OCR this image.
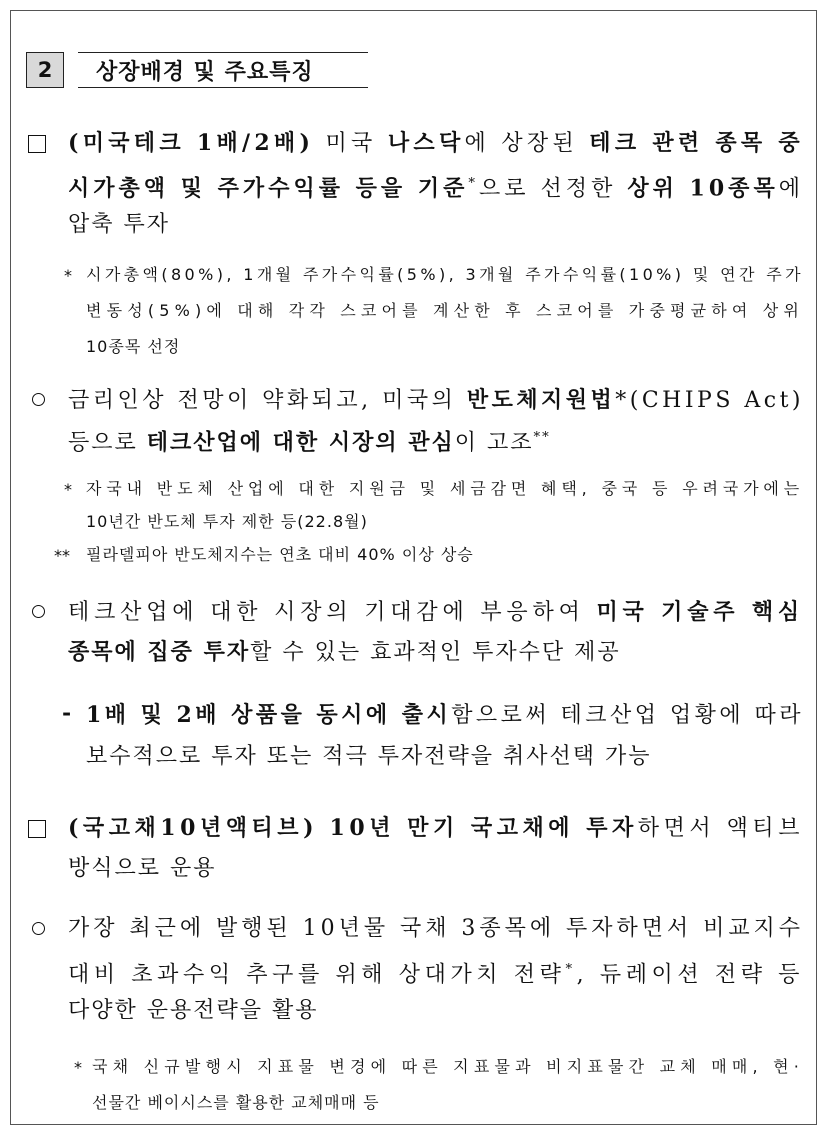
2	상장배경 및 주요특징
(미국테크 1배/2배) 미국 나스닥에 상장된 테크 관련 종목 중
시가총액 및 주가수익률 등을 기준*으로 선정한 상위 10종목에
압축 투자
* 시가총액(80%), 1개월 주가수익률(5%), 3개월 주가수익률(10%) 및 연간 주가
변동성(5%)에 대해 각각 스코어를 계산한 후 스코어를 가중평균하여 상위
10종목 선정
금리인상 전망이 약화되고, 미국의 반도체지원법*(CHIPS Act)
등으로 테크산업에 대한 시장의 관심이 고조**
* 자국내 반도체 산업에 대한 지원금 및 세금감면 혜택, 중국 등 우려국가에는
10년간 반도체 투자 제한 등(22.8월)
** 필라델피아 반도체지수는 연초 대비 40% 이상 상승
테크산업에 대한 시장의 기대감에 부응하여 미국 기술주 핵심
종목에 집중 투자할 수 있는 효과적인 투자수단 제공
- 1배 및 2배 상품을 동시에 출시함으로써 테크산업 업황에 따라
보수적으로 투자 또는 적극 투자전략을 취사선택 가능
(국고채10년액티브) 10년 만기 국고채에 투자하면서 액티브
방식으로 운용
가장 최근에 발행된 10년물 국채 3종목에 투자하면서 비교지수
대비 초과수익 추구를 위해 상대가치 전략*, 듀레이션 전략 등
다양한 운용전략을 활용
* 국채 신규발행시 지표물 변경에 따른 지표물과 비지표물간 교체 매매, 현·
선물간 베이시스를 활용한 교체매매 등
